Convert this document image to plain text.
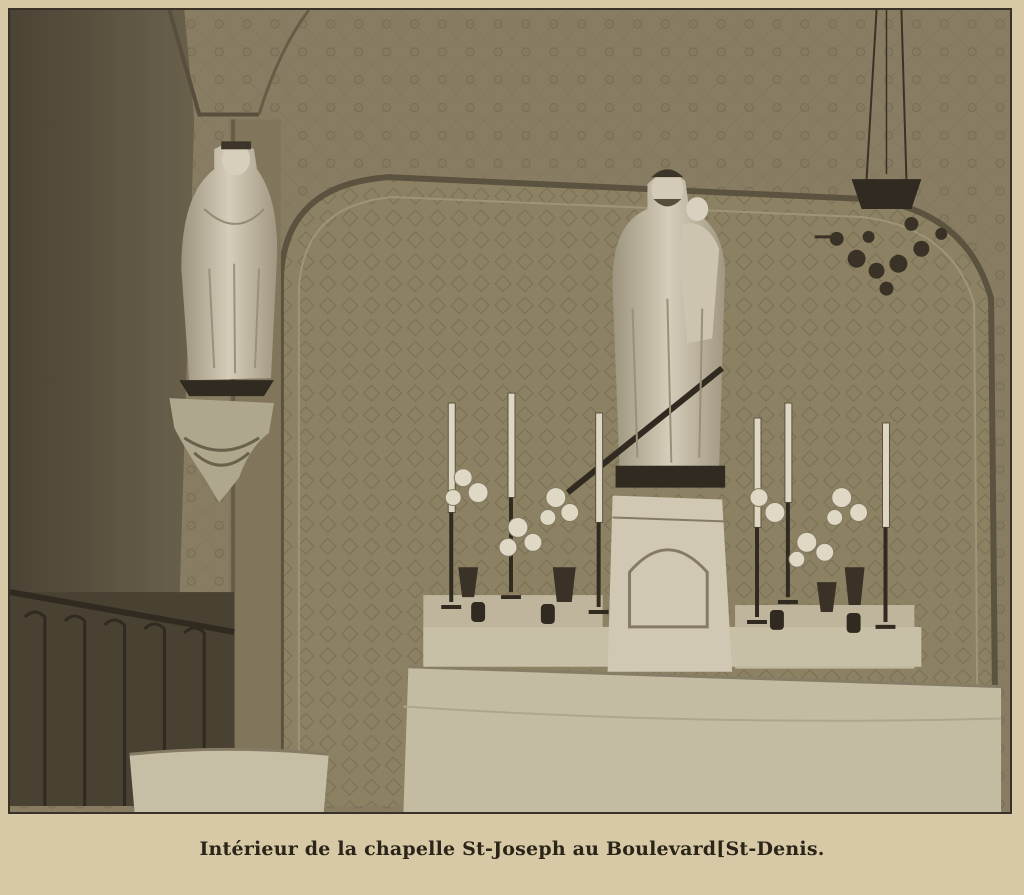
Intérieur de la chapelle St-Joseph au Boulevard[St-Denis.
